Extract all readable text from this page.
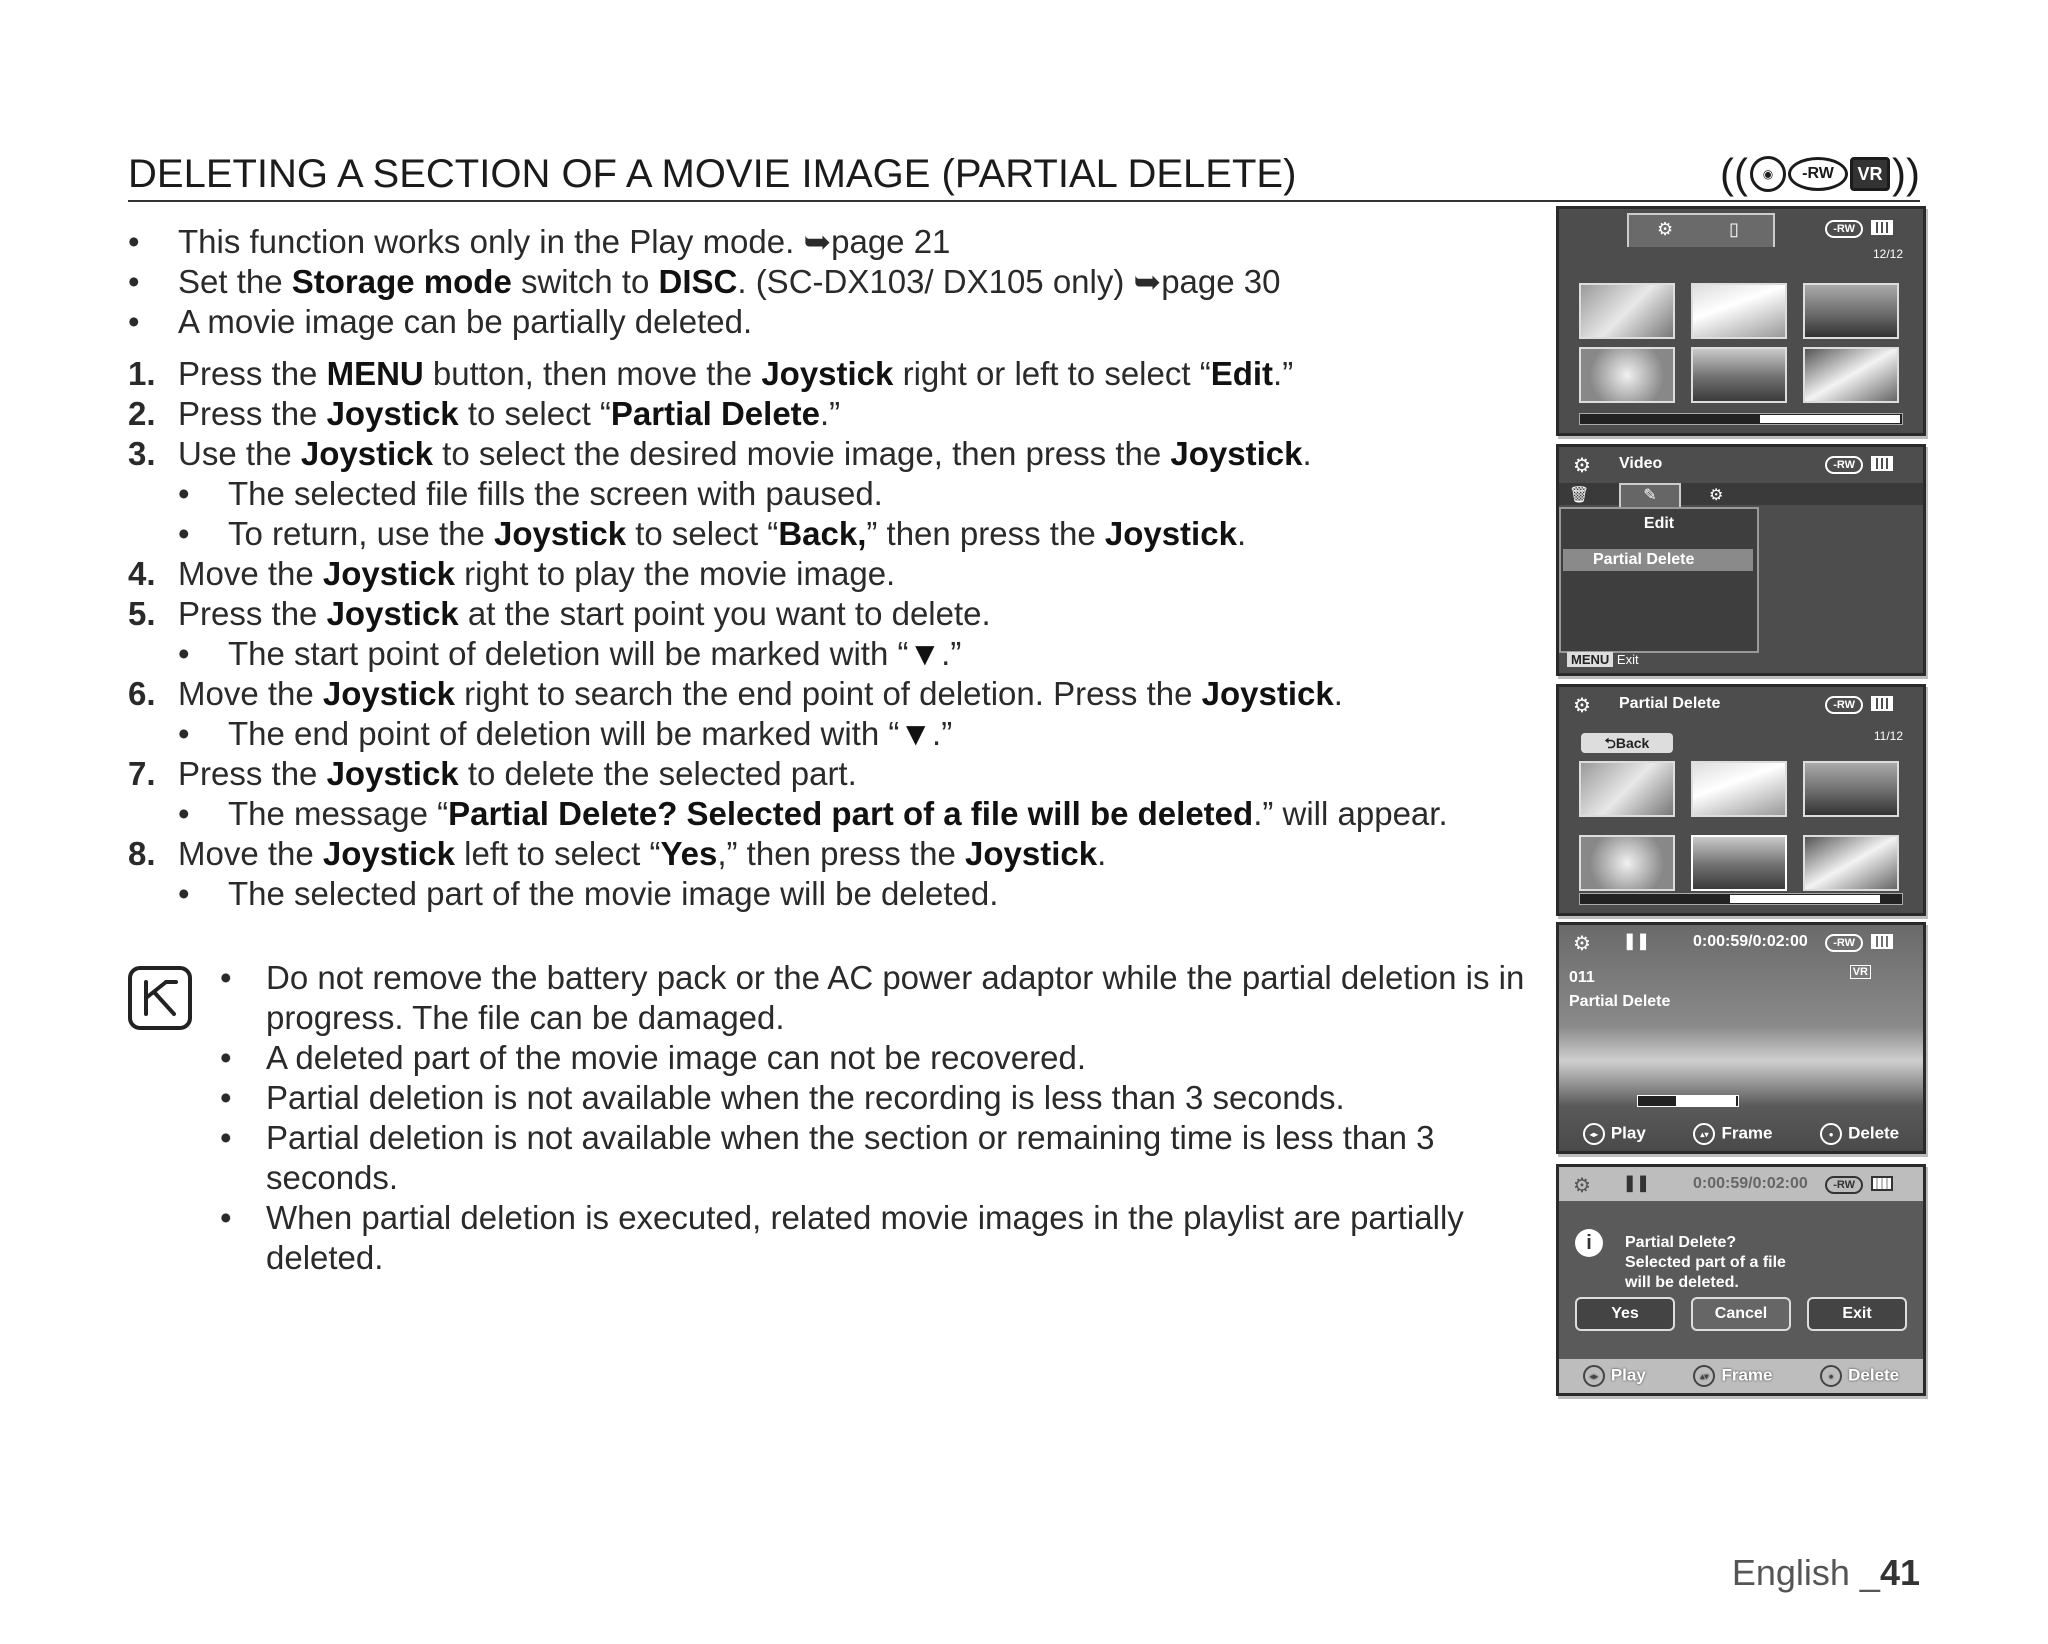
DELETING A SECTION OF A MOVIE IMAGE (PARTIAL DELETE)	((	◉	-RW	VR ))
• This function works only in the Play mode. ➥page 21
• Set the Storage mode switch to DISC. (SC-DX103/ DX105 only) ➥page 30
• A movie image can be partially deleted.
1. Press the MENU button, then move the Joystick right or left to select “Edit.”
2. Press the Joystick to select “Partial Delete.”
3. Use the Joystick to select the desired movie image, then press the Joystick.
• The selected file fills the screen with paused.
• To return, use the Joystick to select “Back,” then press the Joystick.
4. Move the Joystick right to play the movie image.
5. Press the Joystick at the start point you want to delete.
• The start point of deletion will be marked with “▼.”
6. Move the Joystick right to search the end point of deletion. Press the Joystick.
• The end point of deletion will be marked with “▼.”
7. Press the Joystick to delete the selected part.
• The message “Partial Delete? Selected part of a file will be deleted.” will appear.
8. Move the Joystick left to select “Yes,” then press the Joystick.
• The selected part of the movie image will be deleted.
• Do not remove the battery pack or the AC power adaptor while the partial deletion is in progress. The file can be damaged.
• A deleted part of the movie image can not be recovered.
• Partial deletion is not available when the recording is less than 3 seconds.
• Partial deletion is not available when the section or remaining time is less than 3 seconds.
• When partial deletion is executed, related movie images in the playlist are partially deleted.
⚙	▯	-RW
12/12
⚙ Video	-RW
🗑	✎	⚙
Edit
Partial Delete
MENU Exit
⚙ Partial Delete	-RW
⮌Back	11/12
⚙ ❚❚	0:00:59/0:02:00	-RW
011	VR
Partial Delete
◂▸ Play	▴▾ Frame	● Delete
⚙ ❚❚	0:00:59/0:02:00	-RW
i	Partial Delete?
Selected part of a file
will be deleted.
Yes	Cancel	Exit
◂▸ Play	▴▾ Frame	● Delete
English _41
